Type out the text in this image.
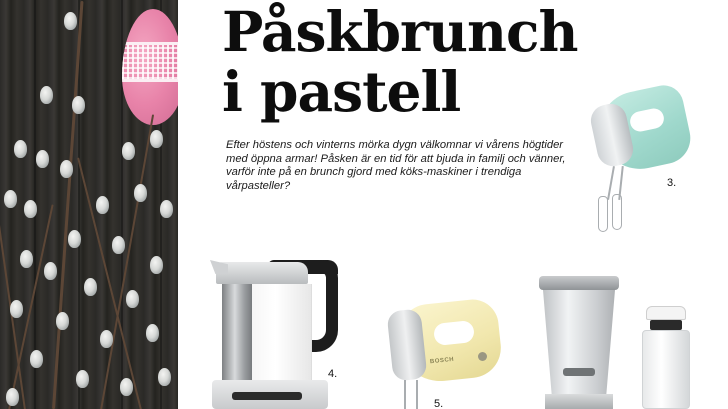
Påskbrunch
i pastell

Efter höstens och vinterns mörka dygn välkomnar vi vårens högtider med öppna armar! Påsken är en tid för att bjuda in familj och vänner, varför inte på en brunch gjord med köks-maskiner i trendiga vårpasteller?	3.
4.
BOSCH
5.
